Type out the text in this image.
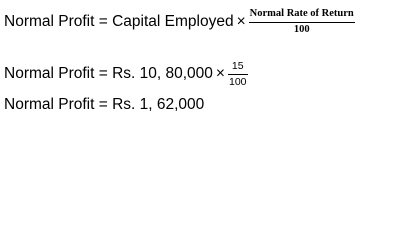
Normal Profit = Capital Employed × $\frac{\text{Normal Rate of Return}}{100}$
Normal Profit = Rs. 10, $80,000 \times \frac{15}{100}$
Normal Profit = Rs. 1, 62,000
